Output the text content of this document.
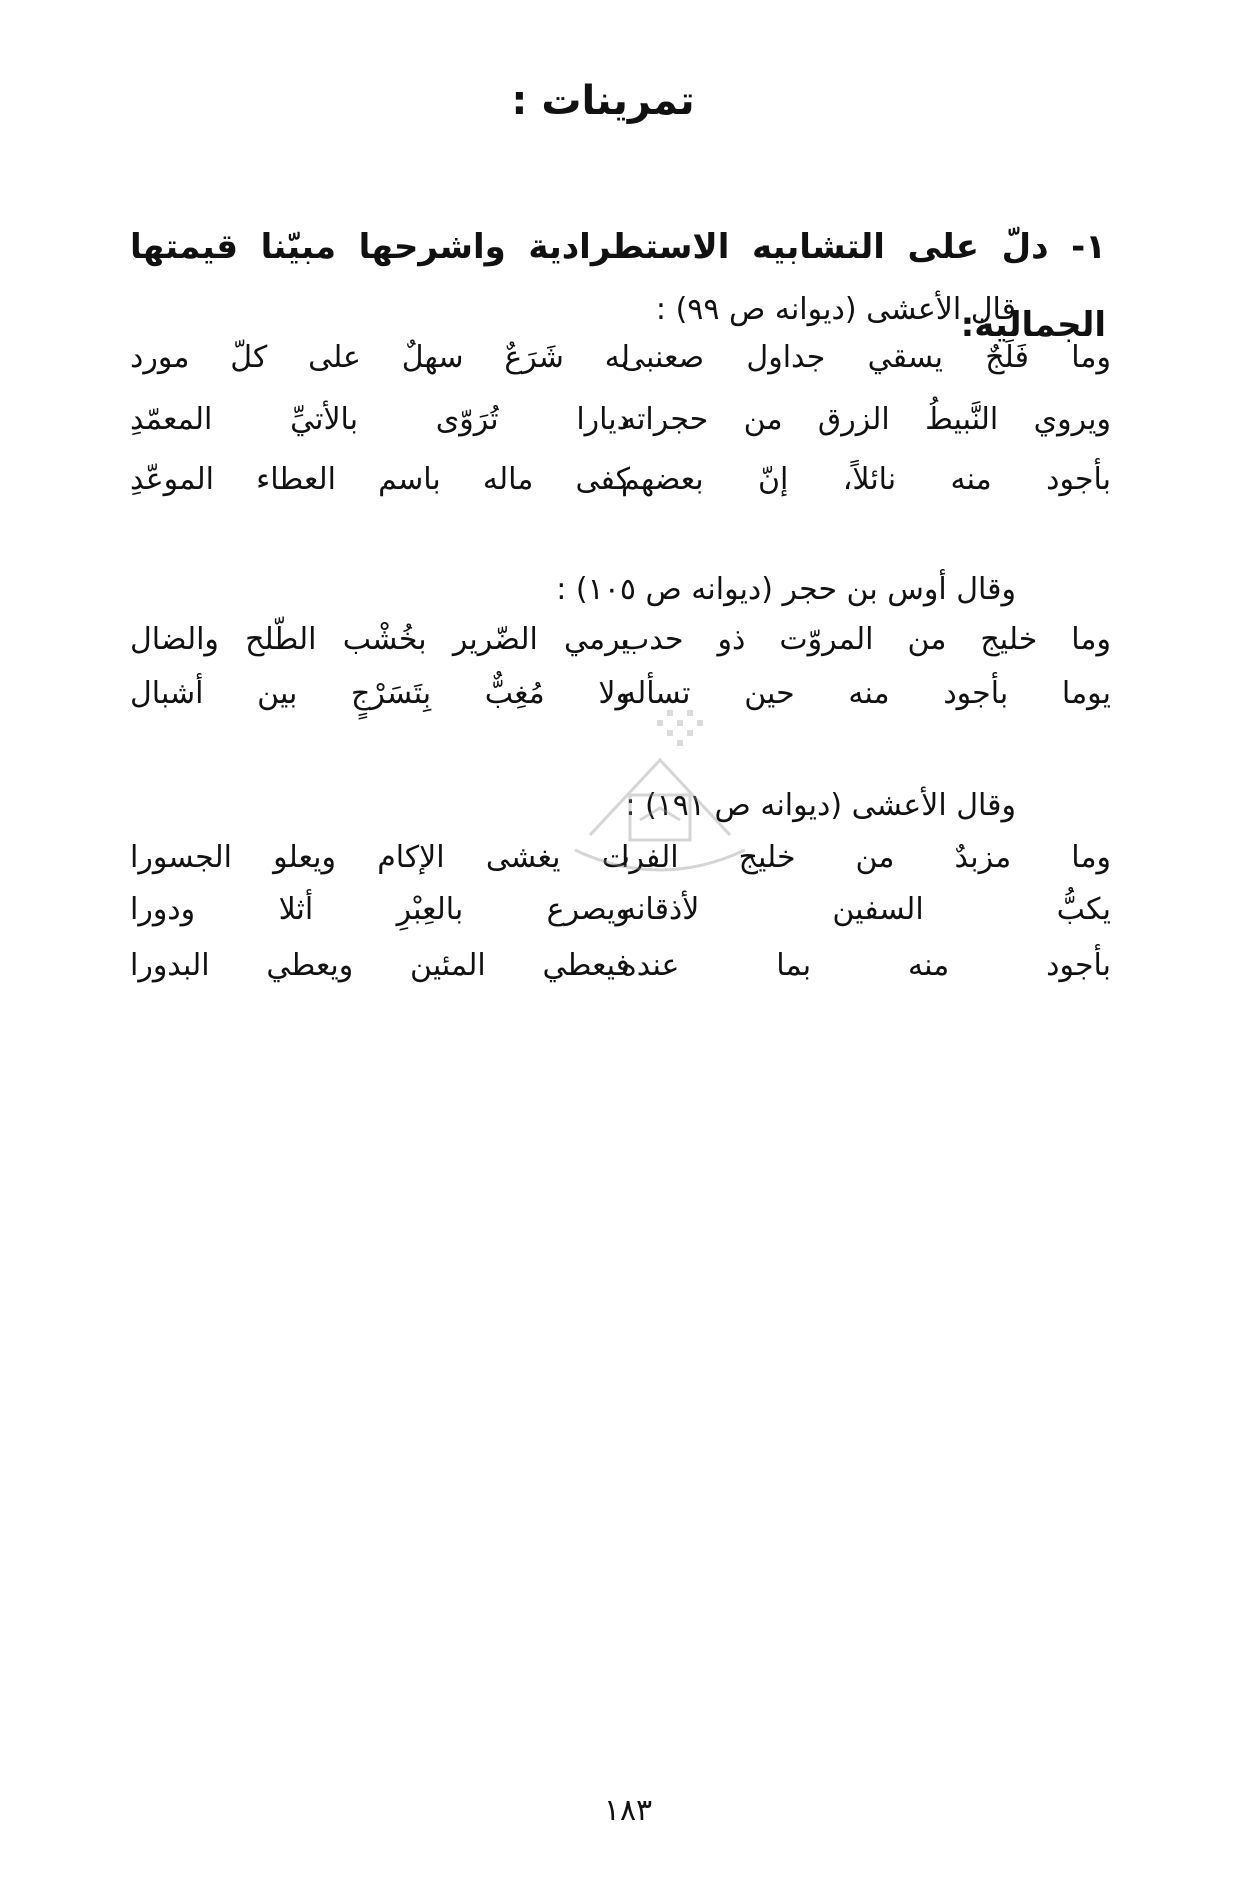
تمرينات :
١- دلّ على التشابيه الاستطرادية واشرحها مبيّنا قيمتها الجمالية:
قال الأعشى (ديوانه ص ٩٩) :
وما فَلَجٌ يسقي جداول صعنبى
له شَرَعٌ سهلٌ على كلّ مورد
ويروي النَّبيطُ الزرق من حجراته
ديارا تُرَوّى بالأتيِّ المعمّدِ
بأجود منه نائلاً، إنّ بعضهم
كفى ماله باسم العطاء الموعّدِ
وقال أوس بن حجر (ديوانه ص ١٠٥) :
وما خليج من المروّت ذو حدب
يرمي الضّرير بخُشْب الطّلح والضال
يوما بأجود منه حين تسأله
ولا مُغِبٌّ بِتَسَرْجٍ بين أشبال
وقال الأعشى (ديوانه ص ١٩١) :
وما مزبدٌ من خليج الفرا
ت يغشى الإكام ويعلو الجسورا
يكبُّ السفين لأذقانه
ويصرع بالعِبْرِ أثلا ودورا
بأجود منه بما عنده
فيعطي المئين ويعطي البدورا
١٨٣
